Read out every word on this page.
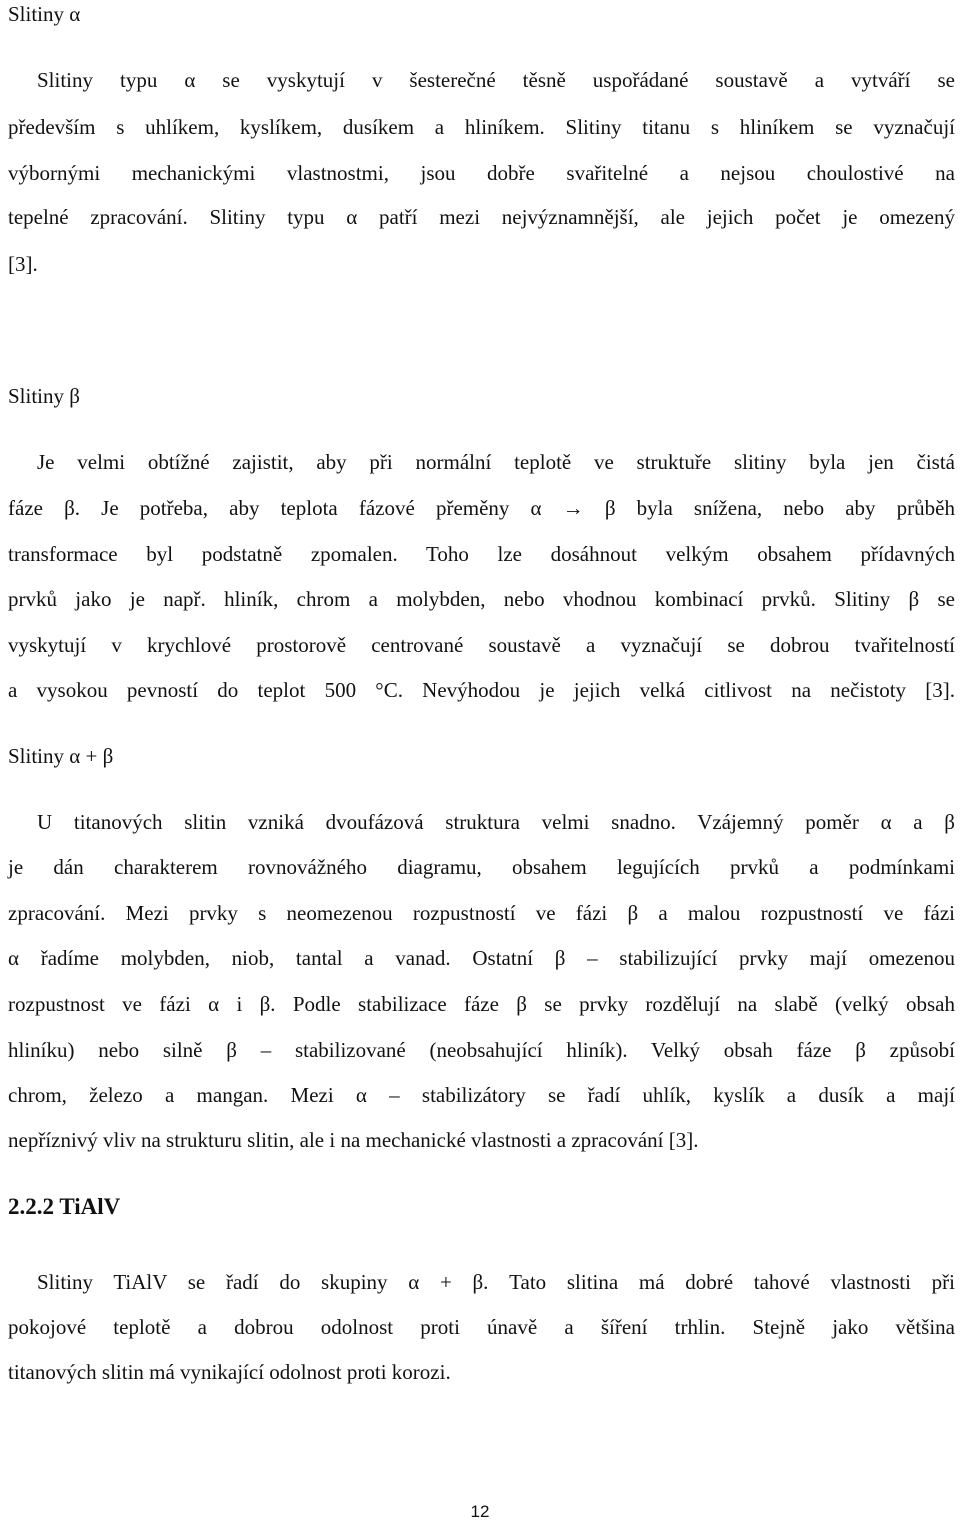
Slitiny α
Slitiny typu α se vyskytují v šesterečné těsně uspořádané soustavě a vytváří se
především s uhlíkem, kyslíkem, dusíkem a hliníkem. Slitiny titanu s hliníkem se vyznačují
výbornými mechanickými vlastnostmi, jsou dobře svařitelné a nejsou choulostivé na
tepelné zpracování. Slitiny typu α patří mezi nejvýznamnější, ale jejich počet je omezený
[3].
Slitiny β
Je velmi obtížné zajistit, aby při normální teplotě ve struktuře slitiny byla jen čistá
fáze β. Je potřeba, aby teplota fázové přeměny α → β byla snížena, nebo aby průběh
transformace byl podstatně zpomalen. Toho lze dosáhnout velkým obsahem přídavných
prvků jako je např. hliník, chrom a molybden, nebo vhodnou kombinací prvků. Slitiny β se
vyskytují v krychlové prostorově centrované soustavě a vyznačují se dobrou tvařitelností
a vysokou pevností do teplot 500 °C. Nevýhodou je jejich velká citlivost na nečistoty [3].
Slitiny α + β
U titanových slitin vzniká dvoufázová struktura velmi snadno. Vzájemný poměr α a β
je dán charakterem rovnovážného diagramu, obsahem legujících prvků a podmínkami
zpracování. Mezi prvky s neomezenou rozpustností ve fázi β a malou rozpustností ve fázi
α řadíme molybden, niob, tantal a vanad. Ostatní β – stabilizující prvky mají omezenou
rozpustnost ve fázi α i β. Podle stabilizace fáze β se prvky rozdělují na slabě (velký obsah
hliníku) nebo silně β – stabilizované (neobsahující hliník). Velký obsah fáze β způsobí
chrom, železo a mangan. Mezi α – stabilizátory se řadí uhlík, kyslík a dusík a mají
nepříznivý vliv na strukturu slitin, ale i na mechanické vlastnosti a zpracování [3].
2.2.2 TiAlV
Slitiny TiAlV se řadí do skupiny α + β. Tato slitina má dobré tahové vlastnosti při
pokojové teplotě a dobrou odolnost proti únavě a šíření trhlin. Stejně jako většina
titanových slitin má vynikající odolnost proti korozi.
12
